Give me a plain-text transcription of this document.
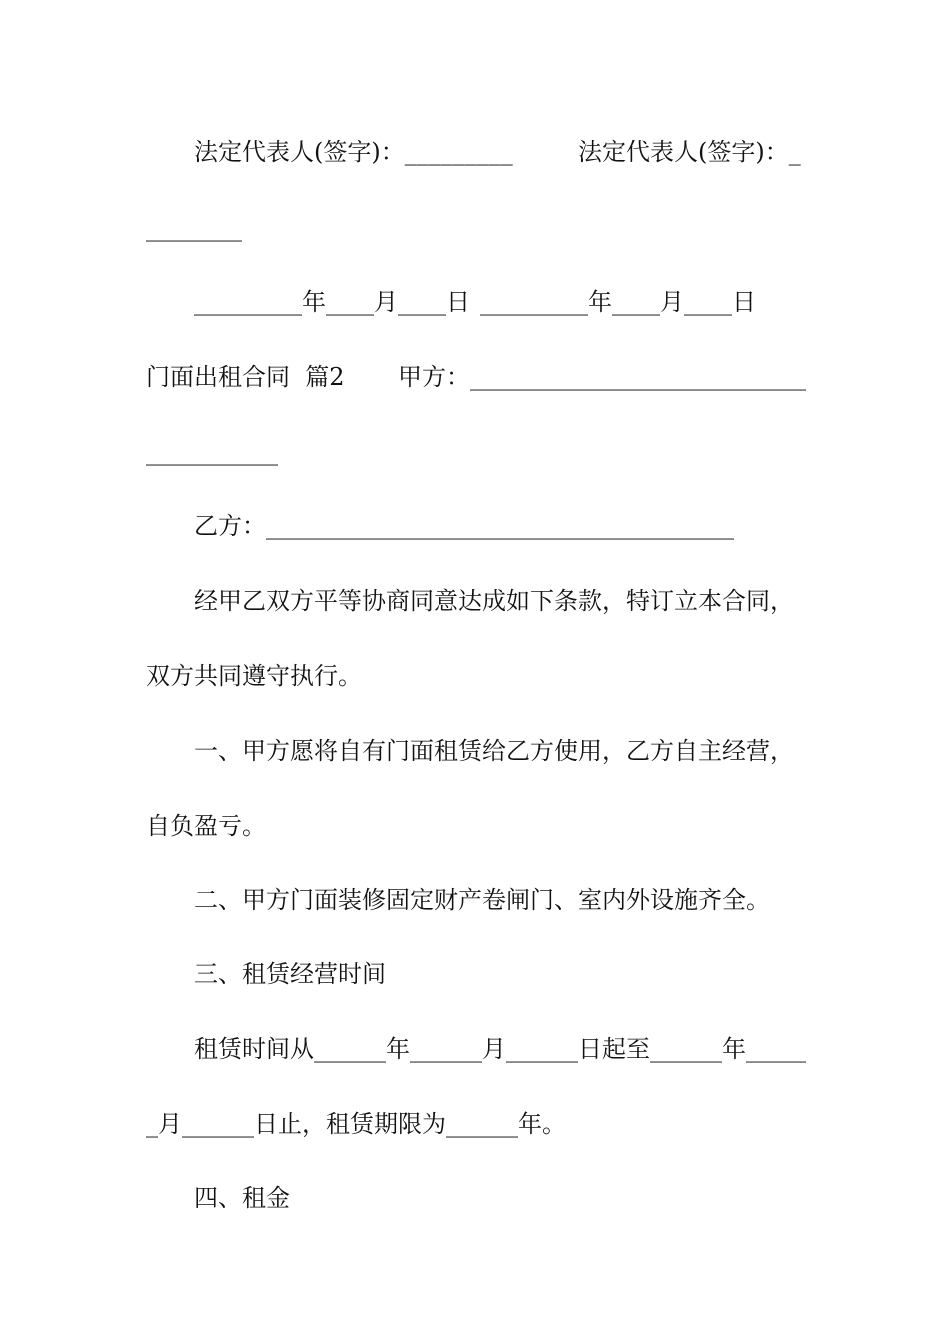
法定代表人(签字)：_________	法定代表人(签字)：_
________
_________年____月____日 _________年____月____日
门面出租合同  篇2 甲方：____________________________
___________
乙方：_______________________________________
经甲乙双方平等协商同意达成如下条款，特订立本合同，
双方共同遵守执行。
一、甲方愿将自有门面租赁给乙方使用，乙方自主经营，
自负盈亏。
二、甲方门面装修固定财产卷闸门、室内外设施齐全。
三、租赁经营时间
租赁时间从______年______月______日起至______年_____
_月______日止，租赁期限为______年。
四、租金
